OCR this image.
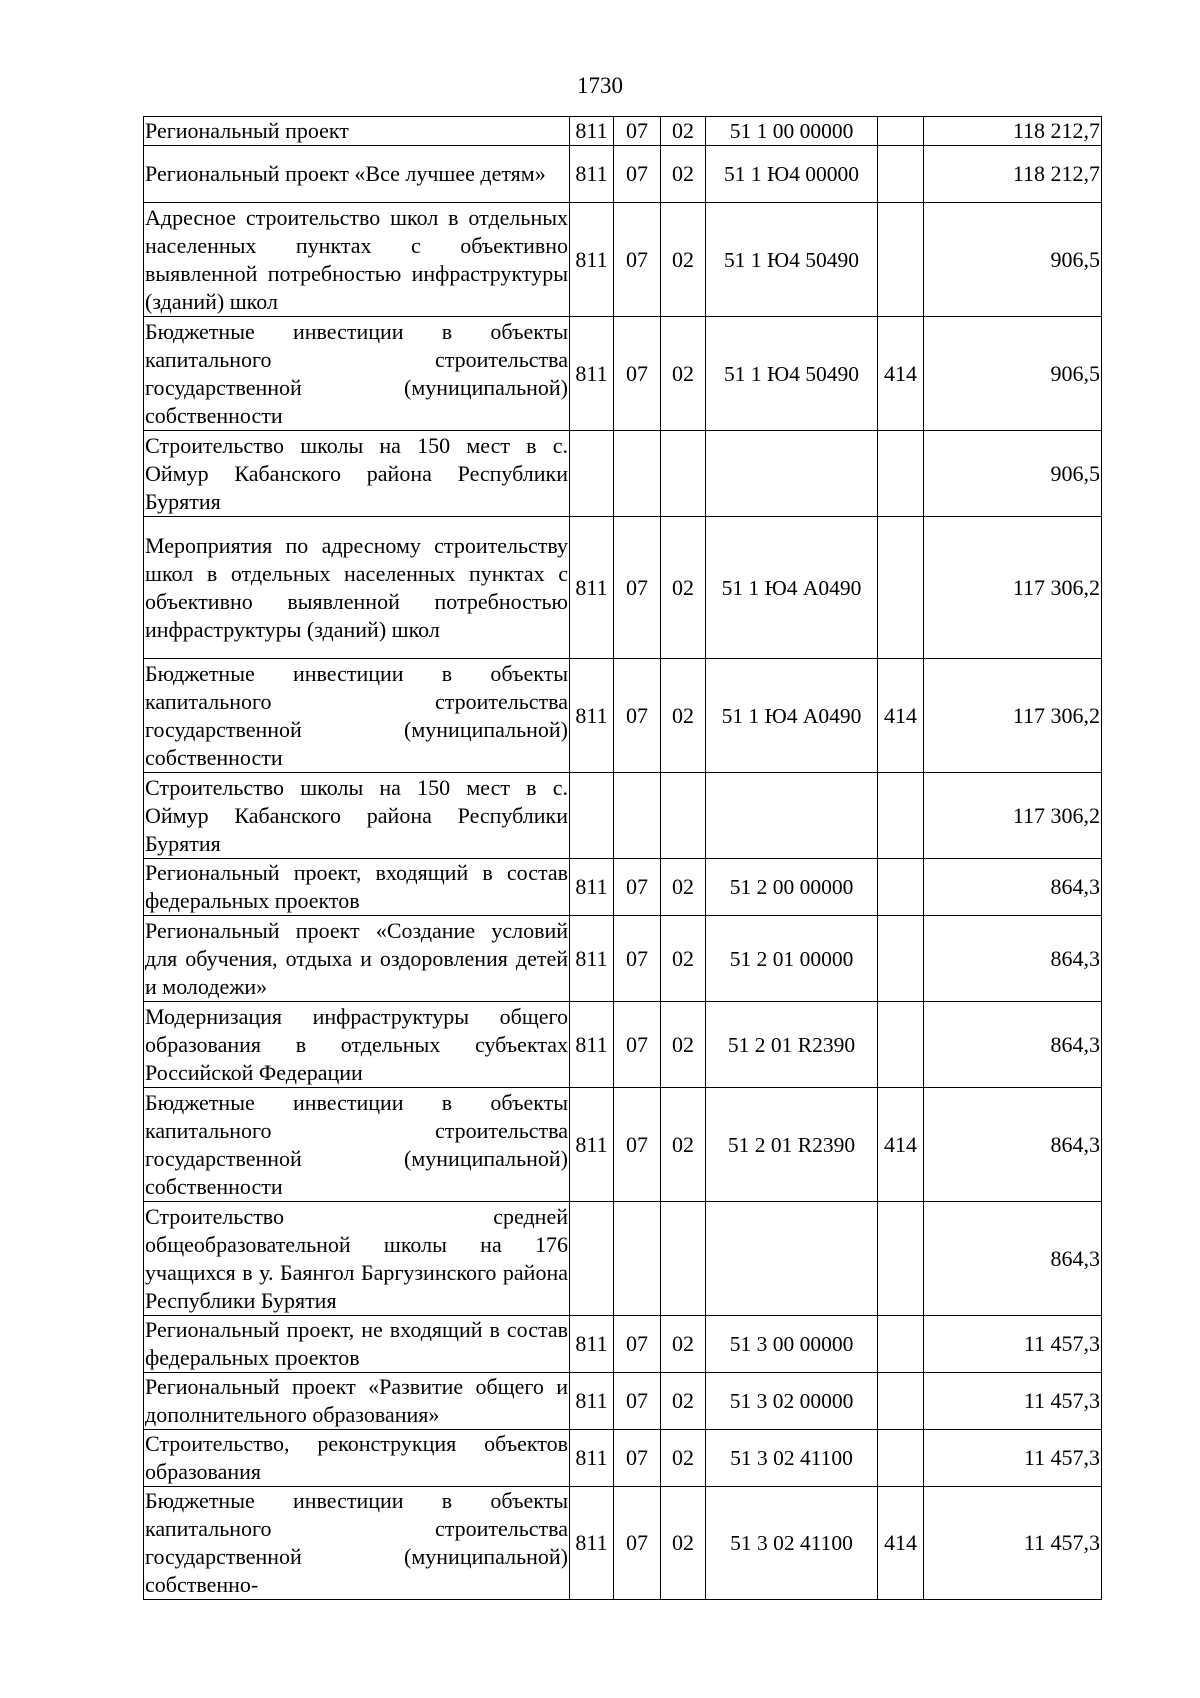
1730
Региональный проект	811	07	02	51 1 00 00000		118 212,7
Региональный проект «Все лучшее детям»	811	07	02	51 1 Ю4 00000		118 212,7
Адресное строительство школ в отдельных населенных пунктах с объективно выявленной потребностью инфраструктуры (зданий) школ	811	07	02	51 1 Ю4 50490		906,5
Бюджетные инвестиции в объекты капитального строительства государственной (муниципальной) собственности	811	07	02	51 1 Ю4 50490	414	906,5
Строительство школы на 150 мест в с. Оймур Кабанского района Республики Бурятия						906,5
Мероприятия по адресному строительству школ в отдельных населенных пунктах с объективно выявленной потребностью инфраструктуры (зданий) школ	811	07	02	51 1 Ю4 А0490		117 306,2
Бюджетные инвестиции в объекты капитального строительства государственной (муниципальной) собственности	811	07	02	51 1 Ю4 А0490	414	117 306,2
Строительство школы на 150 мест в с. Оймур Кабанского района Республики Бурятия						117 306,2
Региональный проект, входящий в состав федеральных проектов	811	07	02	51 2 00 00000		864,3
Региональный проект «Создание условий для обучения, отдыха и оздоровления детей и молодежи»	811	07	02	51 2 01 00000		864,3
Модернизация инфраструктуры общего образования в отдельных субъектах Российской Федерации	811	07	02	51 2 01 R2390		864,3
Бюджетные инвестиции в объекты капитального строительства государственной (муниципальной) собственности	811	07	02	51 2 01 R2390	414	864,3
Строительство средней общеобразовательной школы на 176 учащихся в у. Баянгол Баргузинского района Республики Бурятия						864,3
Региональный проект, не входящий в состав федеральных проектов	811	07	02	51 3 00 00000		11 457,3
Региональный проект «Развитие общего и дополнительного образования»	811	07	02	51 3 02 00000		11 457,3
Строительство, реконструкция объектов образования	811	07	02	51 3 02 41100		11 457,3
Бюджетные инвестиции в объекты капитального строительства государственной (муниципальной) собственно-	811	07	02	51 3 02 41100	414	11 457,3
